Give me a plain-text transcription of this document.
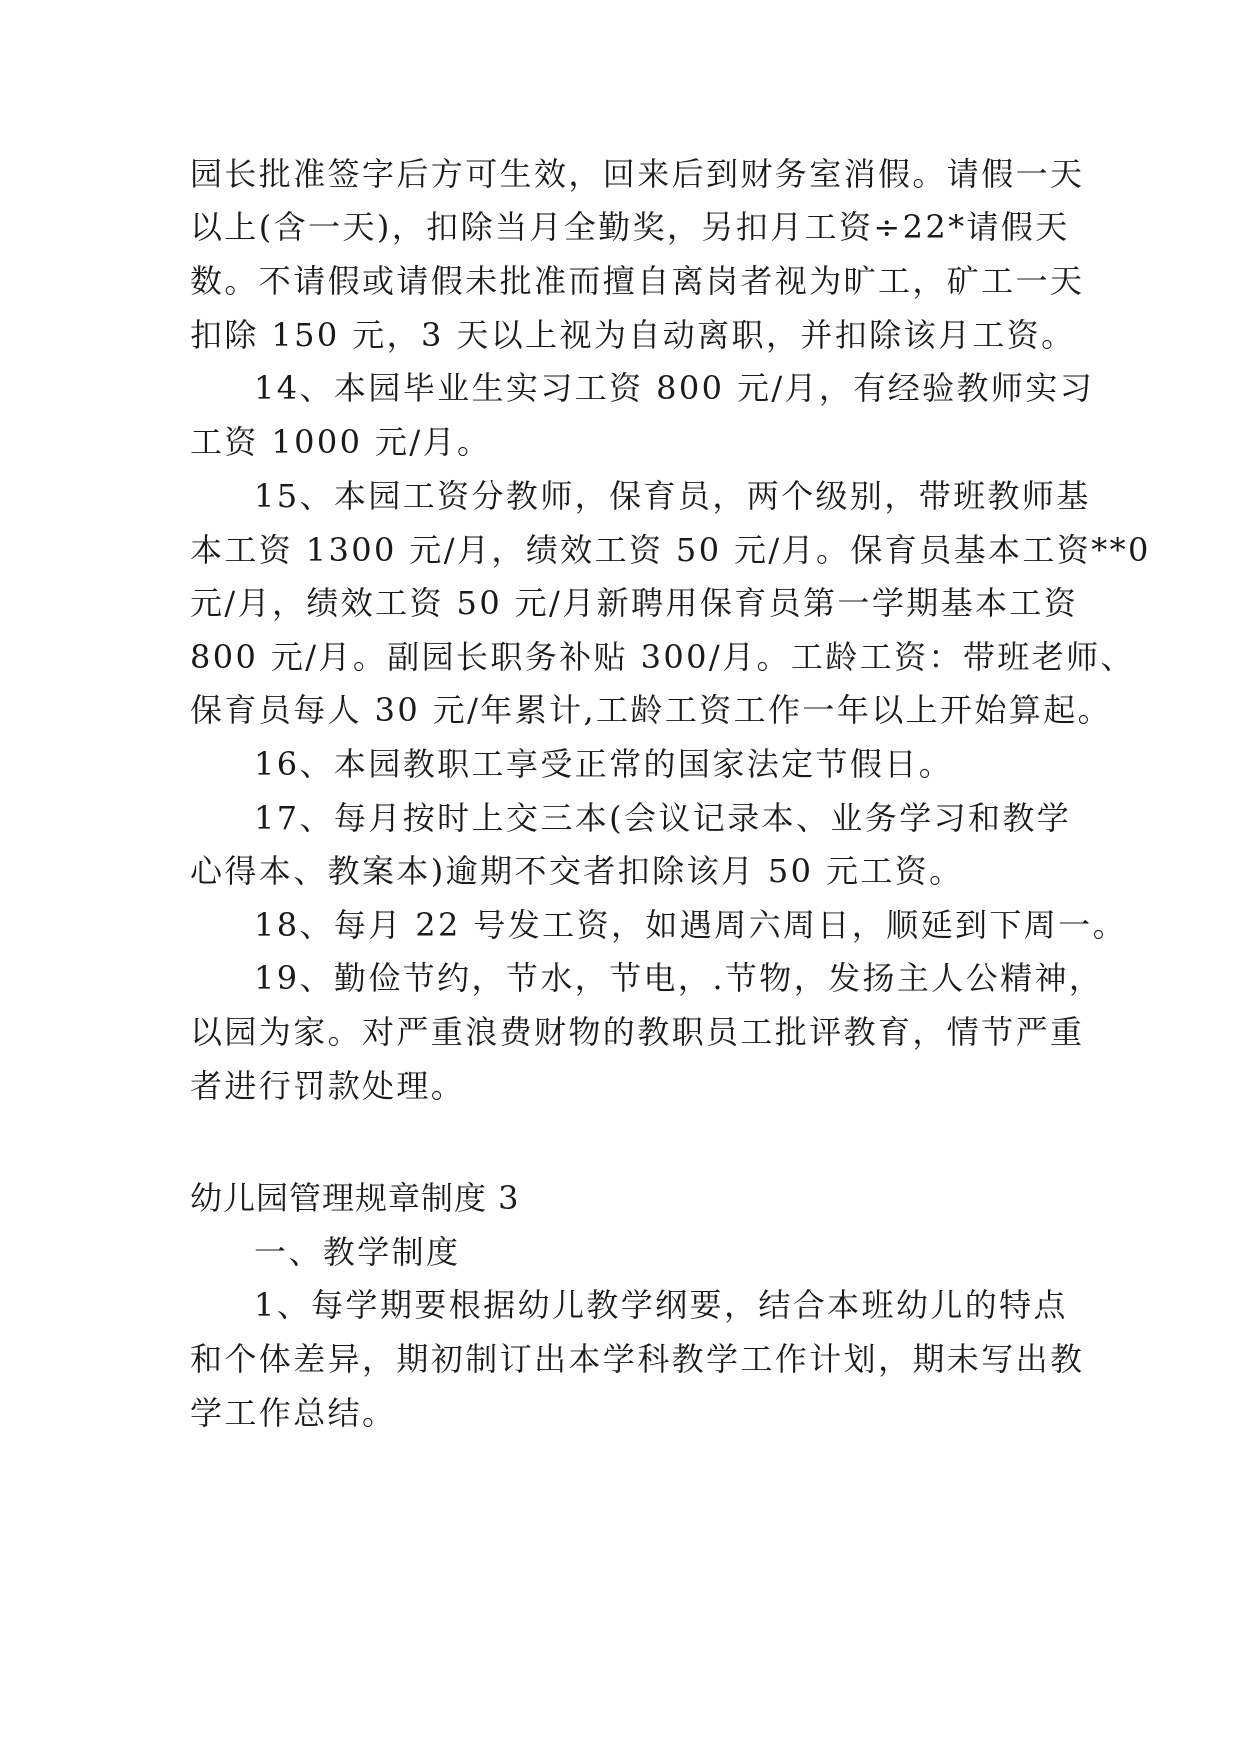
园长批准签字后方可生效，回来后到财务室消假。请假一天
以上(含一天)，扣除当月全勤奖，另扣月工资÷22*请假天
数。不请假或请假未批准而擅自离岗者视为旷工，矿工一天
扣除 150 元，3 天以上视为自动离职，并扣除该月工资。
14、本园毕业生实习工资 800 元/月，有经验教师实习
工资 1000 元/月。
15、本园工资分教师，保育员，两个级别，带班教师基
本工资 1300 元/月，绩效工资 50 元/月。保育员基本工资**0
元/月，绩效工资 50 元/月新聘用保育员第一学期基本工资
800 元/月。副园长职务补贴 300/月。工龄工资：带班老师、
保育员每人 30 元/年累计,工龄工资工作一年以上开始算起。
16、本园教职工享受正常的国家法定节假日。
17、每月按时上交三本(会议记录本、业务学习和教学
心得本、教案本)逾期不交者扣除该月 50 元工资。
18、每月 22 号发工资，如遇周六周日，顺延到下周一。
19、勤俭节约，节水，节电，.节物，发扬主人公精神，
以园为家。对严重浪费财物的教职员工批评教育，情节严重
者进行罚款处理。
幼儿园管理规章制度 3
一、教学制度
1、每学期要根据幼儿教学纲要，结合本班幼儿的特点
和个体差异，期初制订出本学科教学工作计划，期未写出教
学工作总结。
